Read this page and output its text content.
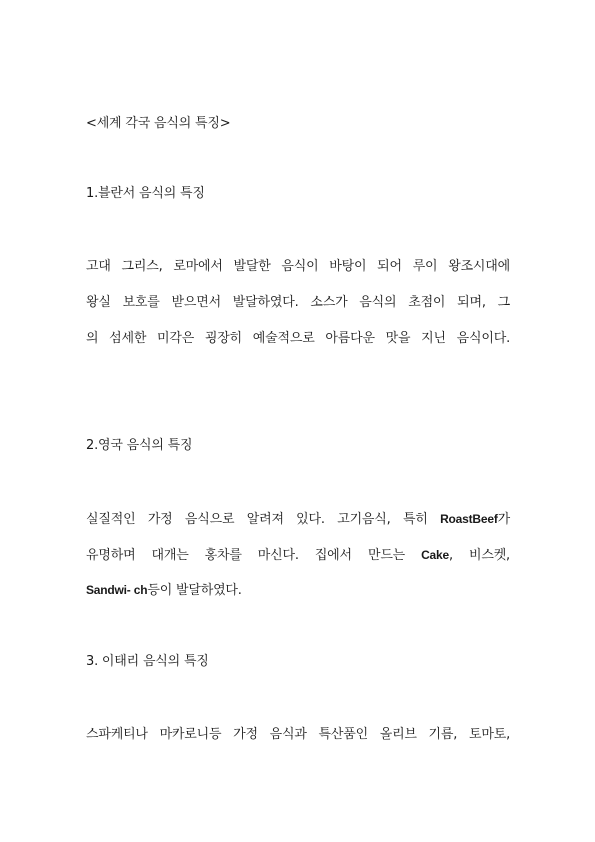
<세계 각국 음식의 특징>
1.블란서 음식의 특징
고대 그리스, 로마에서 발달한 음식이 바탕이 되어 루이 왕조시대에
왕실 보호를 받으면서 발달하였다. 소스가 음식의 초점이 되며, 그
의 섬세한 미각은 굉장히 예술적으로 아름다운 맛을 지닌 음식이다.
2.영국 음식의 특징
실질적인 가정 음식으로 알려져 있다. 고기음식, 특히 RoastBeef가
유명하며 대개는 홍차를 마신다. 집에서 만드는 Cake, 비스켓,
Sandwi- ch등이 발달하였다.
3. 이태리 음식의 특징
스파케티나 마카로니등 가정 음식과 특산품인 올리브 기름, 토마토,
